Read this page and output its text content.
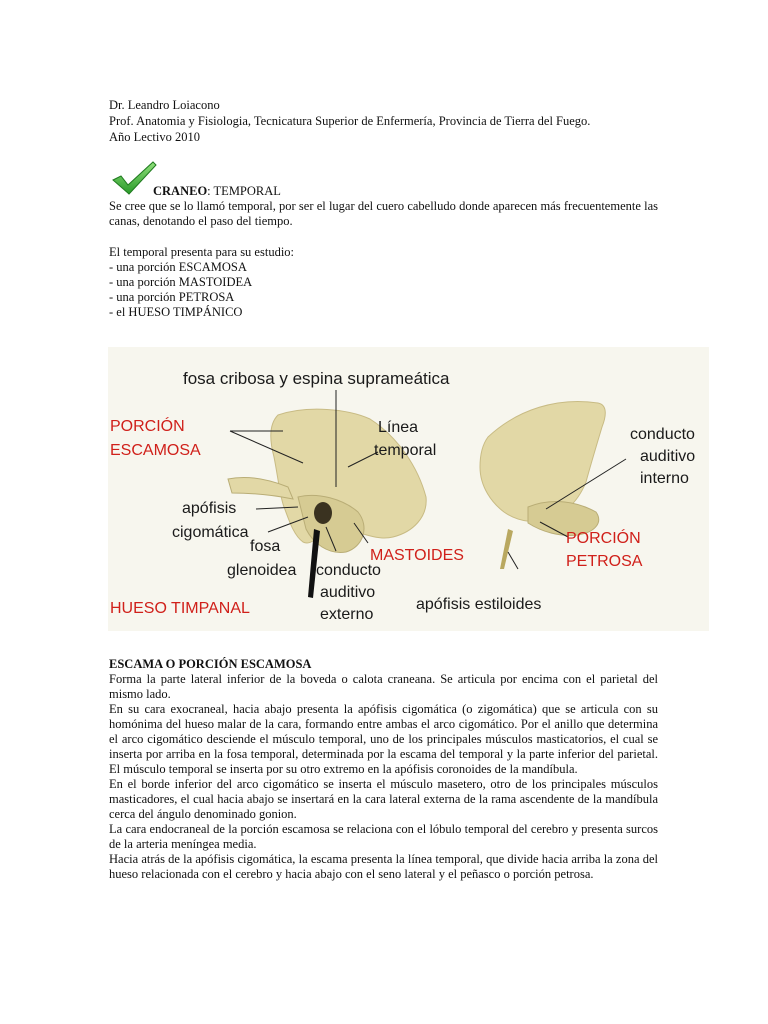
Dr. Leandro Loiacono
Prof. Anatomia y Fisiologia, Tecnicatura Superior de Enfermería, Provincia de Tierra del Fuego.
Año Lectivo 2010
CRANEO: TEMPORAL
Se cree que se lo llamó temporal, por ser el lugar del cuero cabelludo donde aparecen más frecuentemente las canas, denotando el paso del tiempo.
El temporal presenta para su estudio:
- una porción ESCAMOSA
- una porción MASTOIDEA
- una porción PETROSA
- el HUESO TIMPÁNICO
fosa cribosa y espina suprameática
PORCIÓN
ESCAMOSA
Línea
temporal
apófisis
cigomática
fosa
glenoidea
HUESO TIMPANAL
conducto
auditivo
externo
MASTOIDES
conducto
auditivo
interno
PORCIÓN
PETROSA
apófisis estiloides
ESCAMA O PORCIÓN ESCAMOSA

Forma la parte lateral inferior de la boveda o calota craneana. Se articula por encima con el parietal del mismo lado.

En su cara exocraneal, hacia abajo presenta la apófisis cigomática (o zigomática) que se articula con su homónima del hueso malar de la cara, formando entre ambas el arco cigomático. Por el anillo que determina el arco cigomático desciende el músculo temporal, uno de los principales músculos masticatorios, el cual se inserta por arriba en la fosa temporal, determinada por la escama del temporal y la parte inferior del parietal. El músculo temporal se inserta por su otro extremo en la apófisis coronoides de la mandíbula.

En el borde inferior del arco cigomático se inserta el músculo masetero, otro de los principales músculos masticadores, el cual hacia abajo se insertará en la cara lateral externa de la rama ascendente de la mandíbula cerca del ángulo denominado gonion.

La cara endocraneal de la porción escamosa se relaciona con el lóbulo temporal del cerebro y presenta surcos de la arteria meníngea media.

Hacia atrás de la apófisis cigomática, la escama presenta la línea temporal, que divide hacia arriba la zona del hueso relacionada con el cerebro y hacia abajo con el seno lateral y el peñasco o porción petrosa.
